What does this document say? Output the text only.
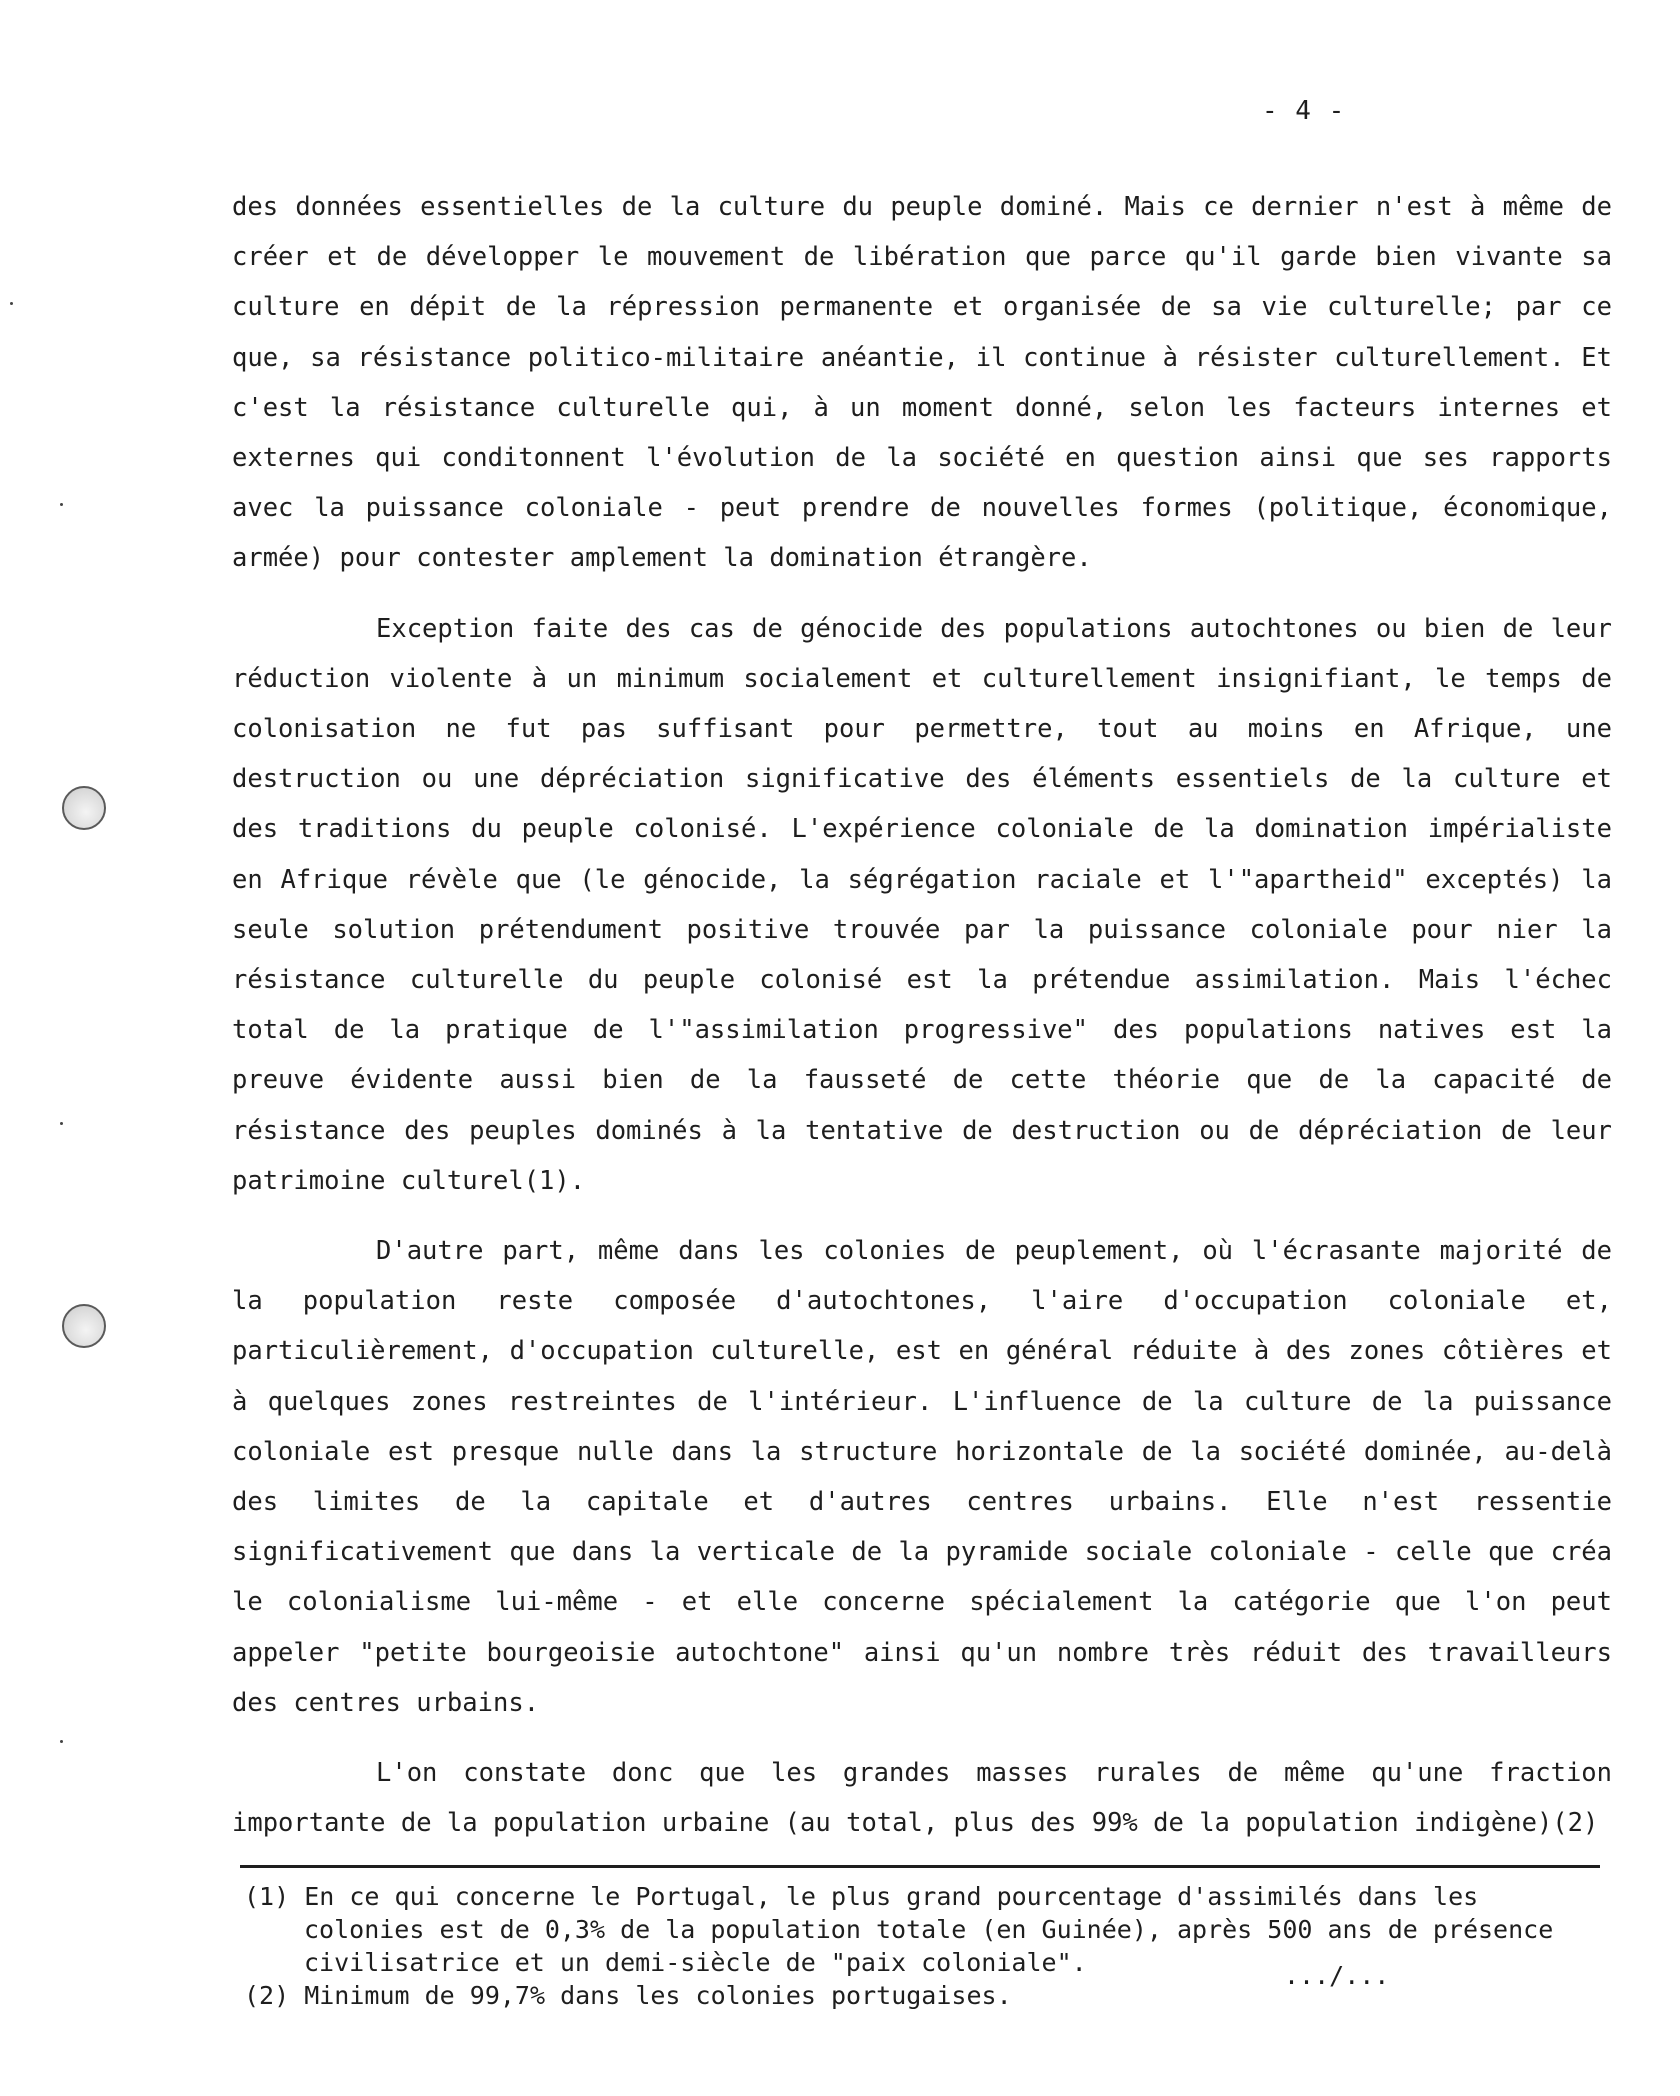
- 4 -

des données essentielles de la culture du peuple dominé. Mais ce dernier n'est à même de créer et de développer le mouvement de libération que parce qu'il garde bien vivante sa culture en dépit de la répression permanente et organisée de sa vie culturelle; par ce que, sa résistance politico-militaire anéantie, il continue à résister culturellement. Et c'est la résistance culturelle qui, à un moment donné, selon les facteurs internes et externes qui conditonnent l'évolution de la société en question ainsi que ses rapports avec la puissance coloniale - peut prendre de nouvelles formes (politique, économique, armée) pour contester amplement la domination étrangère.

Exception faite des cas de génocide des populations autochtones ou bien de leur réduction violente à un minimum socialement et culturellement insignifiant, le temps de colonisation ne fut pas suffisant pour permettre, tout au moins en Afrique, une destruction ou une dépréciation significative des éléments essentiels de la culture et des traditions du peuple colonisé. L'expérience coloniale de la domination impérialiste en Afrique révèle que (le génocide, la ségrégation raciale et l'"apartheid" exceptés) la seule solution prétendument positive trouvée par la puissance coloniale pour nier la résistance culturelle du peuple colonisé est la prétendue assimilation. Mais l'échec total de la pratique de l'"assimilation progressive" des populations natives est la preuve évidente aussi bien de la fausseté de cette théorie que de la capacité de résistance des peuples dominés à la tentative de destruction ou de dépréciation de leur patrimoine culturel(1).

D'autre part, même dans les colonies de peuplement, où l'écrasante majorité de la population reste composée d'autochtones, l'aire d'occupation coloniale et, particulièrement, d'occupation culturelle, est en général réduite à des zones côtières et à quelques zones restreintes de l'intérieur. L'influence de la culture de la puissance coloniale est presque nulle dans la structure horizontale de la société dominée, au-delà des limites de la capitale et d'autres centres urbains. Elle n'est ressentie significativement que dans la verticale de la pyramide sociale coloniale - celle que créa le colonialisme lui-même - et elle concerne spécialement la catégorie que l'on peut appeler "petite bourgeoisie autochtone" ainsi qu'un nombre très réduit des travailleurs des centres urbains.

L'on constate donc que les grandes masses rurales de même qu'une fraction importante de la population urbaine (au total, plus des 99% de la population indigène)(2)

(1) En ce qui concerne le Portugal, le plus grand pourcentage d'assimilés dans les colonies est de 0,3% de la population totale (en Guinée), après 500 ans de présence civilisatrice et un demi-siècle de "paix coloniale".

(2) Minimum de 99,7% dans les colonies portugaises.

.../...
